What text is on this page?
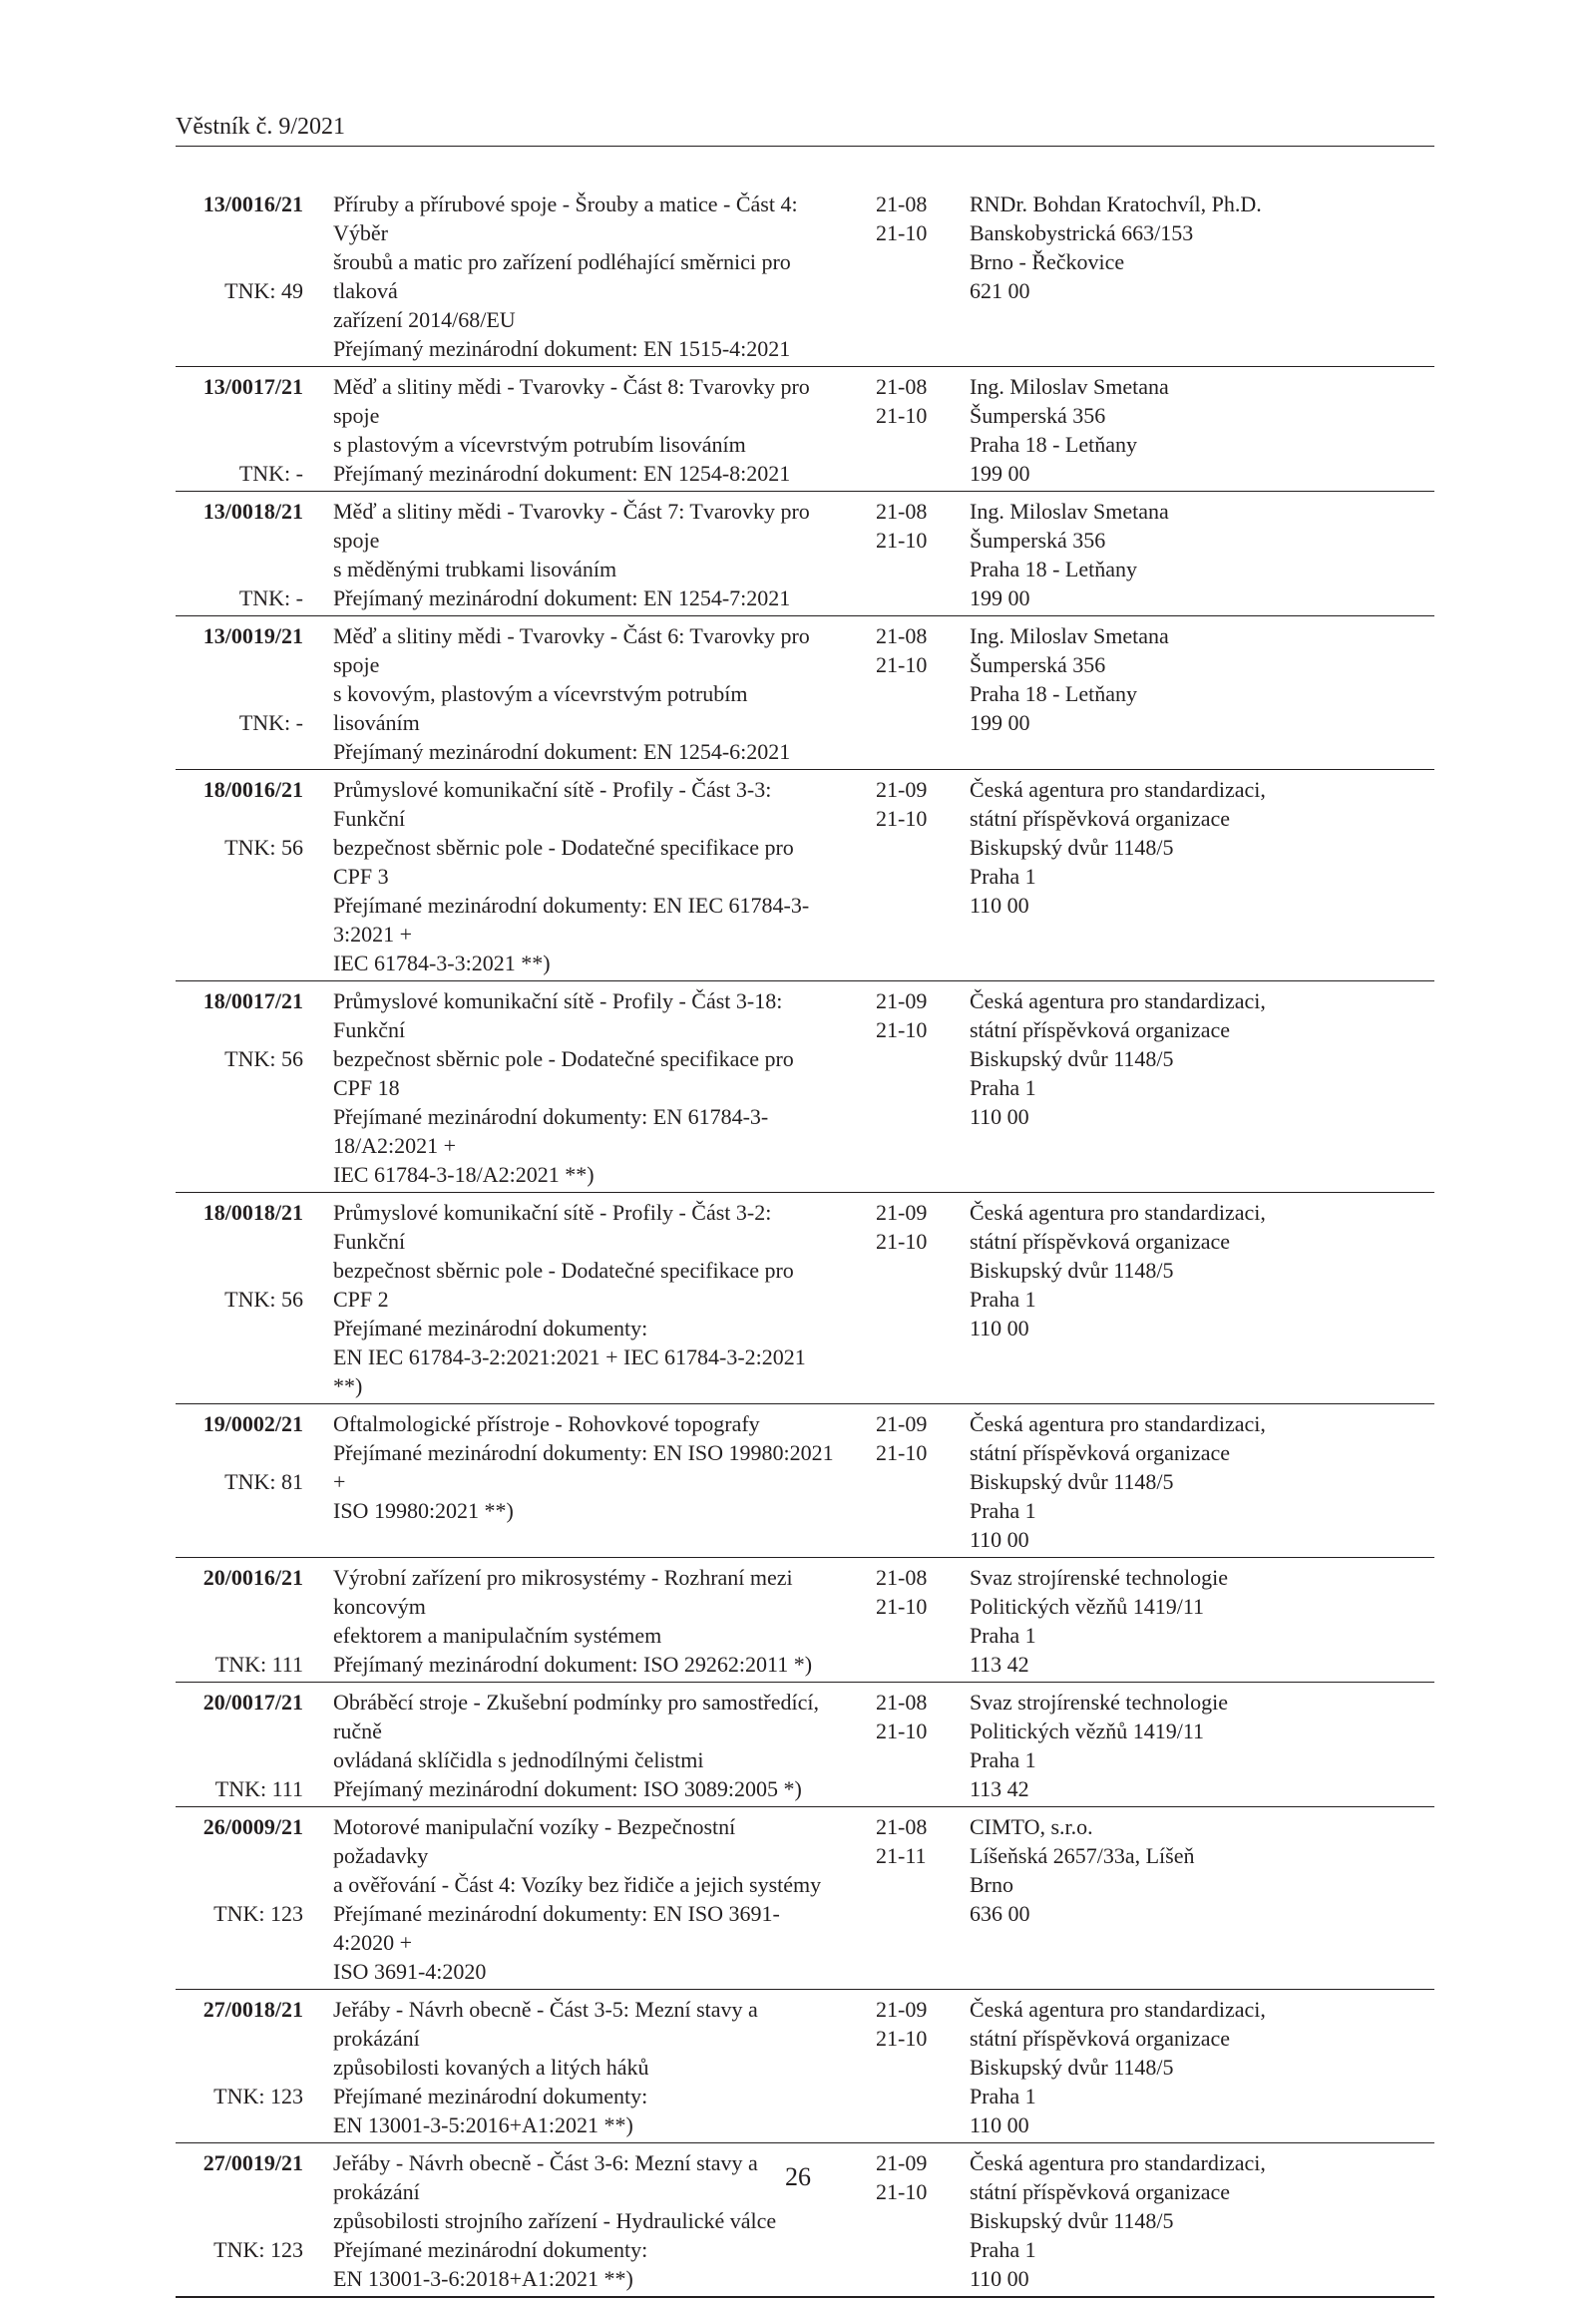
Věstník č. 9/2021
13/0016/21
TNK: 49
Příruby a přírubové spoje - Šrouby a matice - Část 4: Výběr
šroubů a matic pro zařízení podléhající směrnici pro tlaková
zařízení 2014/68/EU
Přejímaný mezinárodní dokument: EN 1515-4:2021
21-08
21-10
RNDr. Bohdan Kratochvíl, Ph.D.
Banskobystrická 663/153
Brno - Řečkovice
621 00
13/0017/21
TNK: -
Měď a slitiny mědi - Tvarovky - Část 8: Tvarovky pro spoje
s plastovým a vícevrstvým potrubím lisováním
Přejímaný mezinárodní dokument: EN 1254-8:2021
21-08
21-10
Ing. Miloslav Smetana
Šumperská 356
Praha 18 - Letňany
199 00
13/0018/21
TNK: -
Měď a slitiny mědi - Tvarovky - Část 7: Tvarovky pro spoje
s měděnými trubkami lisováním
Přejímaný mezinárodní dokument: EN 1254-7:2021
21-08
21-10
Ing. Miloslav Smetana
Šumperská 356
Praha 18 - Letňany
199 00
13/0019/21
TNK: -
Měď a slitiny mědi - Tvarovky - Část 6: Tvarovky pro spoje
s kovovým, plastovým a vícevrstvým potrubím lisováním
Přejímaný mezinárodní dokument: EN 1254-6:2021
21-08
21-10
Ing. Miloslav Smetana
Šumperská 356
Praha 18 - Letňany
199 00
18/0016/21
TNK: 56
Průmyslové komunikační sítě - Profily - Část 3-3: Funkční
bezpečnost sběrnic pole - Dodatečné specifikace pro CPF 3
Přejímané mezinárodní dokumenty: EN IEC 61784-3-3:2021 +
IEC 61784-3-3:2021 **)
21-09
21-10
Česká agentura pro standardizaci,
státní příspěvková organizace
Biskupský dvůr 1148/5
Praha 1
110 00
18/0017/21
TNK: 56
Průmyslové komunikační sítě - Profily - Část 3-18: Funkční
bezpečnost sběrnic pole - Dodatečné specifikace pro CPF 18
Přejímané mezinárodní dokumenty: EN 61784-3-18/A2:2021 +
IEC 61784-3-18/A2:2021 **)
21-09
21-10
Česká agentura pro standardizaci,
státní příspěvková organizace
Biskupský dvůr 1148/5
Praha 1
110 00
18/0018/21
TNK: 56
Průmyslové komunikační sítě - Profily - Část 3-2: Funkční
bezpečnost sběrnic pole - Dodatečné specifikace pro CPF 2
Přejímané mezinárodní dokumenty:
EN IEC 61784-3-2:2021:2021 + IEC 61784-3-2:2021 **)
21-09
21-10
Česká agentura pro standardizaci,
státní příspěvková organizace
Biskupský dvůr 1148/5
Praha 1
110 00
19/0002/21
TNK: 81
Oftalmologické přístroje - Rohovkové topografy
Přejímané mezinárodní dokumenty: EN ISO 19980:2021 +
ISO 19980:2021 **)
21-09
21-10
Česká agentura pro standardizaci,
státní příspěvková organizace
Biskupský dvůr 1148/5
Praha 1
110 00
20/0016/21
TNK: 111
Výrobní zařízení pro mikrosystémy - Rozhraní mezi koncovým
efektorem a manipulačním systémem
Přejímaný mezinárodní dokument: ISO 29262:2011 *)
21-08
21-10
Svaz strojírenské technologie
Politických vězňů 1419/11
Praha 1
113 42
20/0017/21
TNK: 111
Obráběcí stroje - Zkušební podmínky pro samostředící, ručně
ovládaná sklíčidla s jednodílnými čelistmi
Přejímaný mezinárodní dokument: ISO 3089:2005 *)
21-08
21-10
Svaz strojírenské technologie
Politických vězňů 1419/11
Praha 1
113 42
26/0009/21
TNK: 123
Motorové manipulační vozíky - Bezpečnostní požadavky
a ověřování - Část 4: Vozíky bez řidiče a jejich systémy
Přejímané mezinárodní dokumenty: EN ISO 3691-4:2020 +
ISO 3691-4:2020
21-08
21-11
CIMTO, s.r.o.
Líšeňská 2657/33a, Líšeň
Brno
636 00
27/0018/21
TNK: 123
Jeřáby - Návrh obecně - Část 3-5: Mezní stavy a prokázání
způsobilosti kovaných a litých háků
Přejímané mezinárodní dokumenty:
EN 13001-3-5:2016+A1:2021 **)
21-09
21-10
Česká agentura pro standardizaci,
státní příspěvková organizace
Biskupský dvůr 1148/5
Praha 1
110 00
27/0019/21
TNK: 123
Jeřáby - Návrh obecně - Část 3-6: Mezní stavy a prokázání
způsobilosti strojního zařízení - Hydraulické válce
Přejímané mezinárodní dokumenty:
EN 13001-3-6:2018+A1:2021 **)
21-09
21-10
Česká agentura pro standardizaci,
státní příspěvková organizace
Biskupský dvůr 1148/5
Praha 1
110 00
26
